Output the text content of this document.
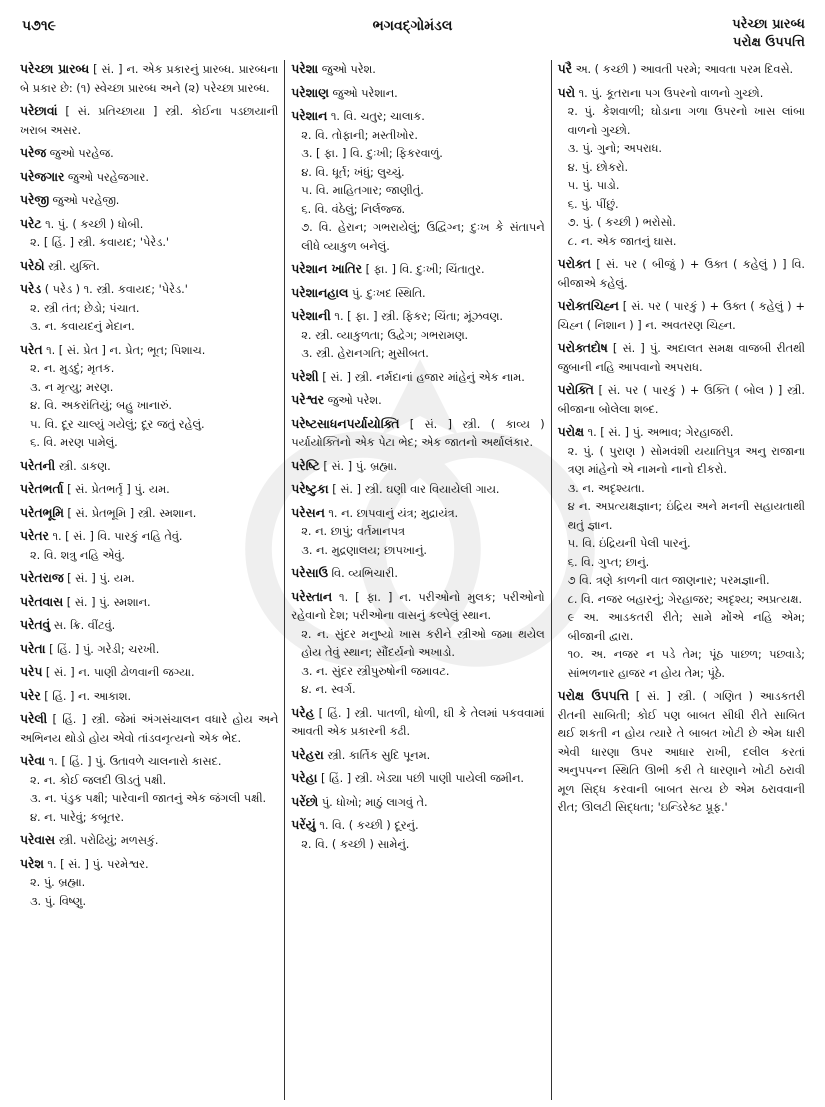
પ૭૧૯	ભગવદ્ગોમંડલ	પરેચ્છા પ્રારબ્ધ
પરોક્ષ ઉપપત્તિ
પરેચ્છા પ્રારબ્ધ [ સં. ] ન. એક પ્રકારનું પ્રારબ્ધ. પ્રારબ્ધના બે પ્રકાર છે: (૧) સ્વેચ્છા પ્રારબ્ધ અને (૨) પરેચ્છા પ્રારબ્ધ.
પરેછાવાં [ સં. પ્રતિચ્છાયા ] સ્ત્રી. કોઈના પડછાયાની ખરાબ અસર.
પરેજ જુઓ પરહેજ.
પરેજગાર જુઓ પરહેજગાર.
પરેજી જુઓ પરહેજી.
પરેટ ૧. પું. ( કચ્છી ) ધોબી.
૨. [ હિં. ] સ્ત્રી. કવાયદ; 'પેરેડ.'
પરેઠો સ્ત્રી. યુક્તિ.
પરેડ ( પરેડ ) ૧. સ્ત્રી. કવાયદ; 'પેરેડ.'
૨. સ્ત્રી તંત; છેડો; પંચાત.
૩. ન. કવાયદનું મેદાન.
પરેત ૧. [ સં. પ્રેત ] ન. પ્રેત; ભૂત; પિશાચ.
૨. ન. મુડદું; મૃતક.
૩. ન મૃત્યુ; મરણ.
૪. વિ. અકરાંતિયું; બહુ ખાનારું.
૫. વિ. દૂર ચાલ્યું ગયેલું; દૂર જતું રહેલું.
૬. વિ. મરણ પામેલું.
પરેતની સ્ત્રી. ડાકણ.
પરેતભર્તા [ સં. પ્રેતભર્તૃ ] પું. યમ.
પરેતભૂમિ [ સં. પ્રેતભૂમિ ] સ્ત્રી. સ્મશાન.
પરેતર ૧. [ સં. ] વિ. પારકું નહિ તેવું.
૨. વિ. શત્રુ નહિ એવું.
પરેતરાજ [ સં. ] પું. યમ.
પરેતવાસ [ સં. ] પું. સ્મશાન.
પરેતવું સ. ક્રિ. વીંટવું.
પરેતા [ હિં. ] પું. ગરેડી; ચરખી.
પરેપ [ સં. ] ન. પાણી ઢોળવાની જગ્યા.
પરેર [ હિં. ] ન. આકાશ.
પરેલી [ હિં. ] સ્ત્રી. જેમાં અંગસંચાલન વધારે હોય અને અભિનય થોડો હોય એવો તાંડવનૃત્યનો એક ભેદ.
પરેવા ૧. [ હિં. ] પું. ઉતાવળે ચાલનારો કાસદ.
૨. ન. કોઈ જલદી ઊડતું પક્ષી.
૩. ન. પંડુક પક્ષી; પારેવાની જાતનું એક જંગલી પક્ષી.
૪. ન. પારેવું; કબૂતર.
પરેવાસ સ્ત્રી. પરોઢિયું; મળસકું.
પરેશ ૧. [ સં. ] પું. પરમેશ્વર.
૨. પું. બ્રહ્મા.
૩. પું. વિષ્ણુ.
પરેશા જુઓ પરેશ.
પરેશાણ જુઓ પરેશાન.
પરેશાન ૧. વિ. ચતુર; ચાલાક.
૨. વિ. તોફાની; મસ્તીખોર.
૩. [ ફા. ] વિ. દુઃખી; ફિકરવાળું.
૪. વિ. ધૂર્ત; ખંધું; લુચ્ચું.
૫. વિ. માહિતગાર; જાણીતું.
૬. વિ. વંઠેલું; નિર્લજ્જ.
૭. વિ. હેરાન; ગભરાયેલું; ઉદ્વિગ્ન; દુઃખ કે સંતાપને લીધે વ્યાકુળ બનેલું.
પરેશાન ખાતિર [ ફા. ] વિ. દુઃખી; ચિંતાતુર.
પરેશાનહાલ પું. દુઃખદ સ્થિતિ.
પરેશાની ૧. [ ફા. ] સ્ત્રી. ફિકર; ચિંતા; મૂંઝવણ.
૨. સ્ત્રી. વ્યાકુળતા; ઉદ્વેગ; ગભરામણ.
૩. સ્ત્રી. હેરાનગતિ; મુસીબત.
પરેશી [ સં. ] સ્ત્રી. નર્મદાનાં હજાર માંહેનું એક નામ.
પરેશ્વર જુઓ પરેશ.
પરેષ્ટસાધનપર્યાયોક્તિ [ સં. ] સ્ત્રી. ( કાવ્ય ) પર્યાયોક્તિનો એક પેટા ભેદ; એક જાતનો અર્થાલંકાર.
પરેષ્ટિ [ સં. ] પું. બ્રહ્મા.
પરેષ્ટુકા [ સં. ] સ્ત્રી. ઘણી વાર વિયાયેલી ગાય.
પરેસન ૧. ન. છાપવાનું યંત્ર; મુદ્રાયંત્ર.
૨. ન. છાપું; વર્તમાનપત્ર
૩. ન. મુદ્રણાલય; છાપખાનું.
પરેસાઉ વિ. વ્યભિચારી.
પરેસ્તાન ૧. [ ફા. ] ન. પરીઓનો મુલક; પરીઓનો રહેવાનો દેશ; પરીઓના વાસનું કલ્પેલું સ્થાન.
૨. ન. સુંદર મનુષ્યો ખાસ કરીને સ્ત્રીઓ જમા થયેલ હોય તેવું સ્થાન; સૌંદર્યનો અખાડો.
૩. ન. સુંદર સ્ત્રીપુરુષોની જમાવટ.
૪. ન. સ્વર્ગ.
પરેહ [ હિં. ] સ્ત્રી. પાતળી, ધોળી, ઘી કે તેલમાં પકવવામાં આવતી એક પ્રકારની કઢી.
પરેહરા સ્ત્રી. કાર્તિક સુદિ પૂનમ.
પરેહા [ હિં. ] સ્ત્રી. ખેડ્યા પછી પાણી પાયેલી જમીન.
પરેંછો પું. ધોખો; માઠું લાગવું તે.
પરેંયું ૧. વિ. ( કચ્છી ) દૂરનું.
૨. વિ. ( કચ્છી ) સામેનું.
પરૈ અ. ( કચ્છી ) આવતી પરમે; આવતા પરમ દિવસે.
પરો ૧. પું. કૂતરાના પગ ઉપરનો વાળનો ગુચ્છો.
૨. પું. કેશવાળી; ઘોડાના ગળા ઉપરનો ખાસ લાંબા વાળનો ગુચ્છો.
૩. પું. ગુનો; અપરાધ.
૪. પું. છોકરો.
૫. પું. પાડો.
૬. પું. પીંછું.
૭. પું. ( કચ્છી ) ભરોસો.
૮. ન. એક જાતનું ઘાસ.
પરોક્ત [ સં. પર ( બીજું ) + ઉક્ત ( કહેલું ) ] વિ. બીજાએ કહેલું.
પરોક્તચિહ્ન [ સં. પર ( પારકું ) + ઉક્ત ( કહેલું ) + ચિહ્ન ( નિશાન ) ] ન. અવતરણ ચિહ્ન.
પરોક્તદોષ [ સં. ] પું. અદાલત સમક્ષ વાજબી રીતથી જુબાની નહિ આપવાનો અપરાધ.
પરોક્તિ [ સં. પર ( પારકું ) + ઉક્તિ ( બોલ ) ] સ્ત્રી. બીજાના બોલેલા શબ્દ.
પરોક્ષ ૧. [ સં. ] પું. અભાવ; ગેરહાજરી.
૨. પું. ( પુરાણ ) સોમવંશી યયાતિપુત્ર અનુ રાજાના ત્રણ માંહેનો એ નામનો નાનો દીકરો.
૩. ન. અદૃશ્યતા.
૪ ન. અપ્રત્યક્ષજ્ઞાન; ઇંદ્રિય અને મનની સહાયતાથી થતું જ્ઞાન.
૫. વિ. ઇંદ્રિયની પેલી પારનું.
૬. વિ. ગુપ્ત; છાનું.
૭ વિ. ત્રણે કાળની વાત જાણનાર; પરમજ્ઞાની.
૮. વિ. નજર બહારનું; ગેરહાજર; અદૃશ્ય; અપ્રત્યક્ષ.
૯ અ. આડકતરી રીતે; સામે મોંએ નહિ એમ; બીજાની દ્વારા.
૧૦. અ. નજર ન પડે તેમ; પૂંઠ પાછળ; પછવાડે; સાંભળનાર હાજર ન હોય તેમ; પૂંઠે.
પરોક્ષ ઉપપત્તિ [ સં. ] સ્ત્રી. ( ગણિત ) આડકતરી રીતની સાબિતી; કોઈ પણ બાબત સીધી રીતે સાબિત થઈ શકતી ન હોય ત્યારે તે બાબત ખોટી છે એમ ધારી એવી ધારણા ઉપર આધાર રાખી, દલીલ કરતાં અનુપપન્ન સ્થિતિ ઊભી કરી તે ધારણાને ખોટી ઠરાવી મૂળ સિદ્ધ કરવાની બાબત સત્ય છે એમ ઠરાવવાની રીત; ઊલટી સિદ્ધતા; 'ઇન્ડિરેક્ટ પ્રૂફ.'
